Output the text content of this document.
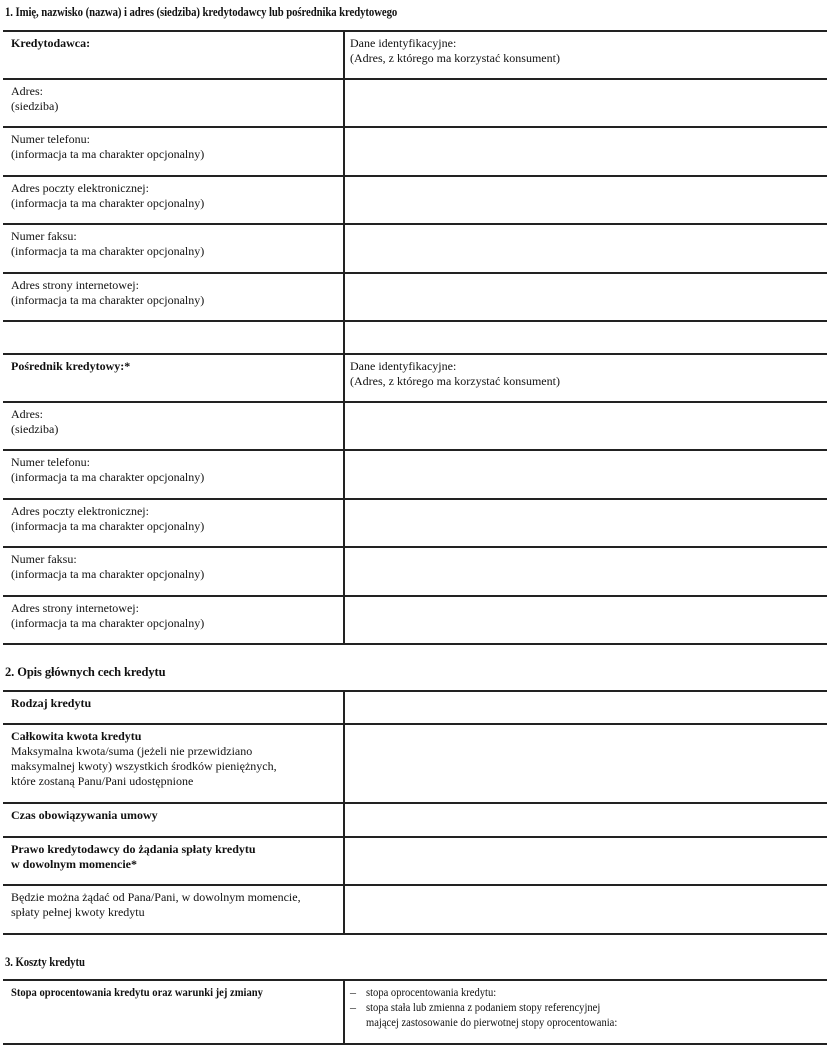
1. Imię, nazwisko (nazwa) i adres (siedziba) kredytodawcy lub pośrednika kredytowego
Kredytodawca:	Dane identyfikacyjne:
(Adres, z którego ma korzystać konsument)
Adres:
(siedziba)
Numer telefonu:
(informacja ta ma charakter opcjonalny)
Adres poczty elektronicznej:
(informacja ta ma charakter opcjonalny)
Numer faksu:
(informacja ta ma charakter opcjonalny)
Adres strony internetowej:
(informacja ta ma charakter opcjonalny)
Pośrednik kredytowy:*	Dane identyfikacyjne:
(Adres, z którego ma korzystać konsument)
Adres:
(siedziba)
Numer telefonu:
(informacja ta ma charakter opcjonalny)
Adres poczty elektronicznej:
(informacja ta ma charakter opcjonalny)
Numer faksu:
(informacja ta ma charakter opcjonalny)
Adres strony internetowej:
(informacja ta ma charakter opcjonalny)
2. Opis głównych cech kredytu
Rodzaj kredytu
Całkowita kwota kredytu
Maksymalna kwota/suma (jeżeli nie przewidziano
maksymalnej kwoty) wszystkich środków pieniężnych,
które zostaną Panu/Pani udostępnione
Czas obowiązywania umowy
Prawo kredytodawcy do żądania spłaty kredytu
w dowolnym momencie*
Będzie można żądać od Pana/Pani, w dowolnym momencie,
spłaty pełnej kwoty kredytu
3. Koszty kredytu
Stopa oprocentowania kredytu oraz warunki jej zmiany	– stopa oprocentowania kredytu:
– stopa stała lub zmienna z podaniem stopy referencyjnej
mającej zastosowanie do pierwotnej stopy oprocentowania:
